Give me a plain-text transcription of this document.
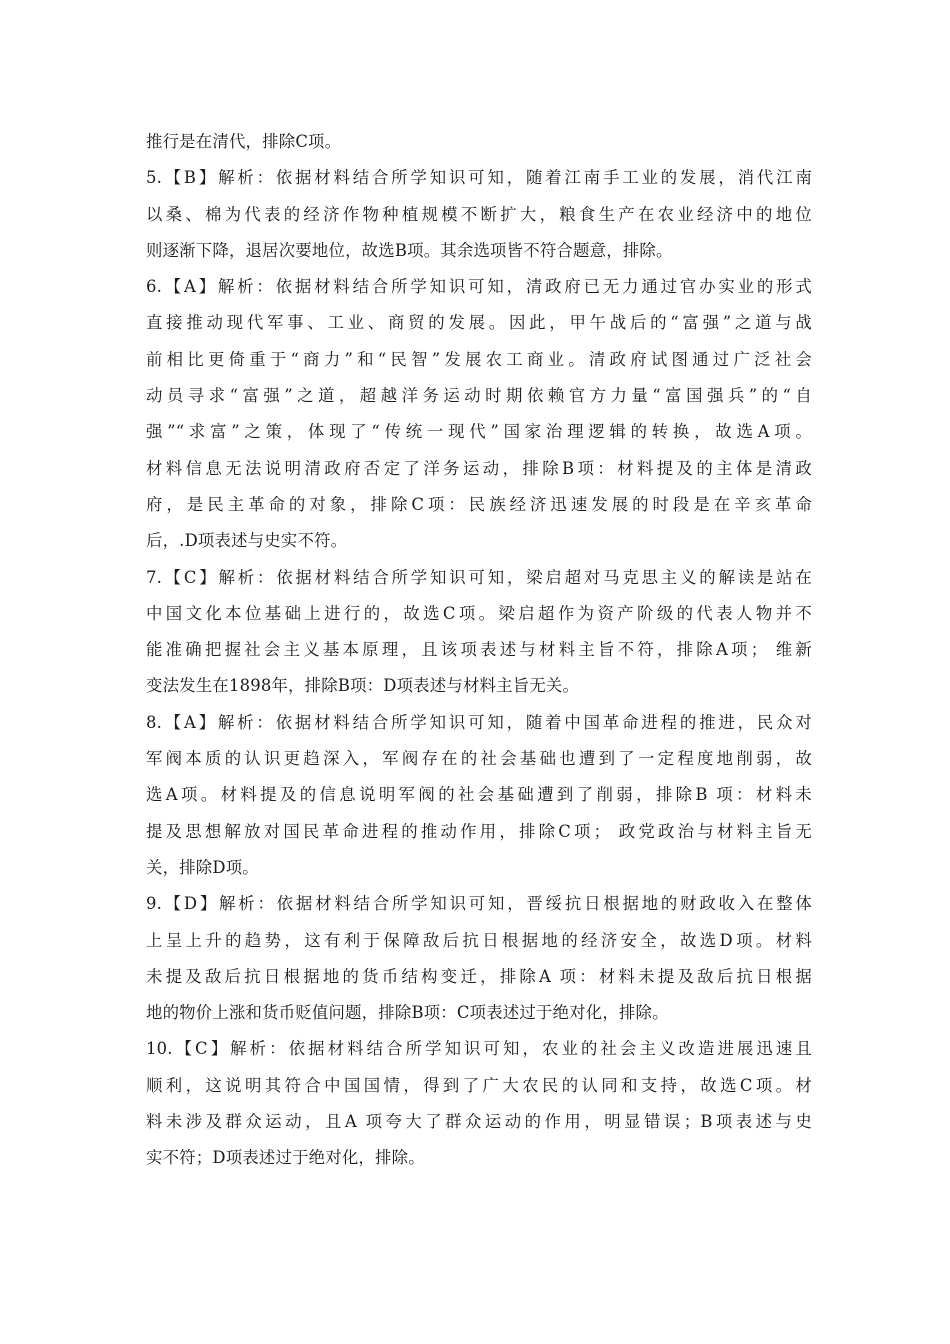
推行是在清代，排除C项。
5.【B】解析：依据材料结合所学知识可知，随着江南手工业的发展，消代江南
以桑、棉为代表的经济作物种植规模不断扩大，粮食生产在农业经济中的地位
则逐渐下降，退居次要地位，故选B项。其余选项皆不符合题意，排除。
6.【A】解析：依据材料结合所学知识可知，清政府已无力通过官办实业的形式
直接推动现代军事、工业、商贸的发展。因此，甲午战后的“富强”之道与战
前相比更倚重于“商力”和“民智”发展农工商业。清政府试图通过广泛社会
动员寻求“富强”之道，超越洋务运动时期依赖官方力量“富国强兵”的“自
强”“求富”之策，体现了“传统一现代”国家治理逻辑的转换，故选A项。
材料信息无法说明清政府否定了洋务运动，排除B项：材料提及的主体是清政
府，是民主革命的对象，排除C项：民族经济迅速发展的时段是在辛亥革命
后，.D项表述与史实不符。
7.【C】解析：依据材料结合所学知识可知，梁启超对马克思主义的解读是站在
中国文化本位基础上进行的，故选C项。梁启超作为资产阶级的代表人物并不
能准确把握社会主义基本原理，且该项表述与材料主旨不符，排除A项； 维新
变法发生在1898年，排除B项：D项表述与材料主旨无关。
8.【A】解析：依据材料结合所学知识可知，随着中国革命进程的推进，民众对
军阀本质的认识更趋深入，军阀存在的社会基础也遭到了一定程度地削弱，故
选A项。材料提及的信息说明军阀的社会基础遭到了削弱，排除B 项：材料未
提及思想解放对国民革命进程的推动作用，排除C项； 政党政治与材料主旨无
关，排除D项。
9.【D】解析：依据材料结合所学知识可知，晋绥抗日根据地的财政收入在整体
上呈上升的趋势，这有利于保障敌后抗日根据地的经济安全，故选D项。材料
未提及敌后抗日根据地的货币结构变迁，排除A 项：材料未提及敌后抗日根据
地的物价上涨和货币贬值问题，排除B项：C项表述过于绝对化，排除。
10.【C】解析：依据材料结合所学知识可知，农业的社会主义改造进展迅速且
顺利，这说明其符合中国国情，得到了广大农民的认同和支持，故选C项。材
料未涉及群众运动，且A 项夸大了群众运动的作用，明显错误；B项表述与史
实不符；D项表述过于绝对化，排除。
